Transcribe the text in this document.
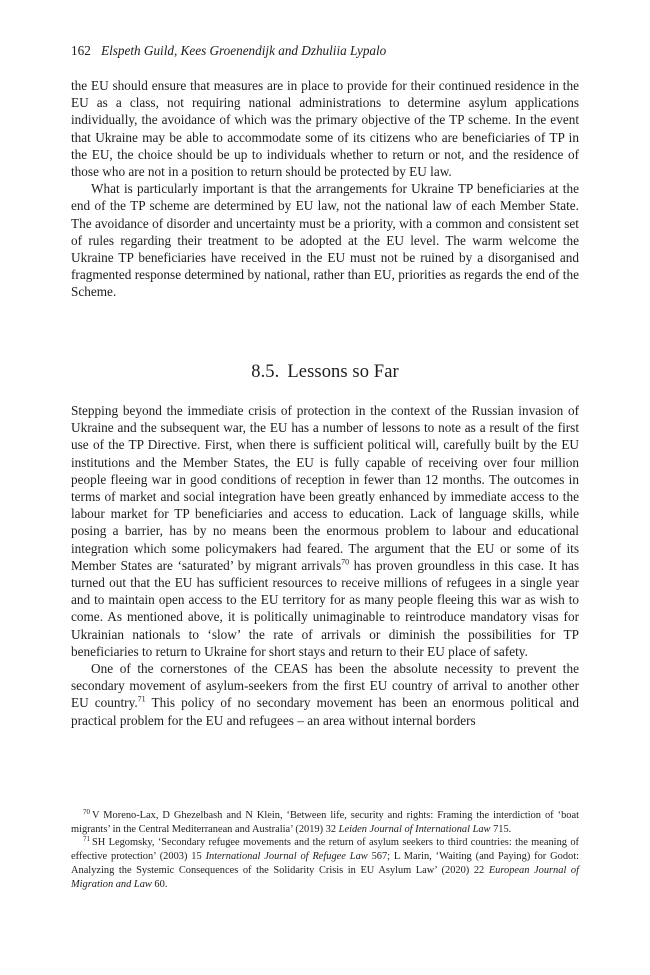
162 Elspeth Guild, Kees Groenendijk and Dzhuliia Lypalo

the EU should ensure that measures are in place to provide for their continued residence in the EU as a class, not requiring national administrations to determine asylum applications individually, the avoidance of which was the primary objective of the TP scheme. In the event that Ukraine may be able to accommodate some of its citizens who are beneficiaries of TP in the EU, the choice should be up to individuals whether to return or not, and the residence of those who are not in a position to return should be protected by EU law.

What is particularly important is that the arrangements for Ukraine TP beneficiaries at the end of the TP scheme are determined by EU law, not the national law of each Member State. The avoidance of disorder and uncertainty must be a priority, with a common and consistent set of rules regarding their treatment to be adopted at the EU level. The warm welcome the Ukraine TP beneficiaries have received in the EU must not be ruined by a disorganised and fragmented response determined by national, rather than EU, priorities as regards the end of the Scheme.

8.5. Lessons so Far

Stepping beyond the immediate crisis of protection in the context of the Russian invasion of Ukraine and the subsequent war, the EU has a number of lessons to note as a result of the first use of the TP Directive. First, when there is sufficient political will, carefully built by the EU institutions and the Member States, the EU is fully capable of receiving over four million people fleeing war in good conditions of reception in fewer than 12 months. The outcomes in terms of market and social integration have been greatly enhanced by immediate access to the labour market for TP beneficiaries and access to education. Lack of language skills, while posing a barrier, has by no means been the enormous problem to labour and educational integration which some policymakers had feared. The argument that the EU or some of its Member States are ‘saturated’ by migrant arrivals$^{70}$ has proven groundless in this case. It has turned out that the EU has sufficient resources to receive millions of refugees in a single year and to maintain open access to the EU territory for as many people fleeing this war as wish to come. As mentioned above, it is politically unimaginable to reintroduce mandatory visas for Ukrainian nationals to ‘slow’ the rate of arrivals or diminish the possibilities for TP beneficiaries to return to Ukraine for short stays and return to their EU place of safety.

One of the cornerstones of the CEAS has been the absolute necessity to prevent the secondary movement of asylum-seekers from the first EU country of arrival to another other EU country.$^{71}$ This policy of no secondary movement has been an enormous political and practical problem for the EU and refugees – an area without internal borders

$^{70}$ V Moreno-Lax, D Ghezelbash and N Klein, ‘Between life, security and rights: Framing the interdiction of ‘boat migrants’ in the Central Mediterranean and Australia’ (2019) 32 Leiden Journal of International Law 715.

$^{71}$ SH Legomsky, ‘Secondary refugee movements and the return of asylum seekers to third countries: the meaning of effective protection’ (2003) 15 International Journal of Refugee Law 567; L Marin, ‘Waiting (and Paying) for Godot: Analyzing the Systemic Consequences of the Solidarity Crisis in EU Asylum Law’ (2020) 22 European Journal of Migration and Law 60.
